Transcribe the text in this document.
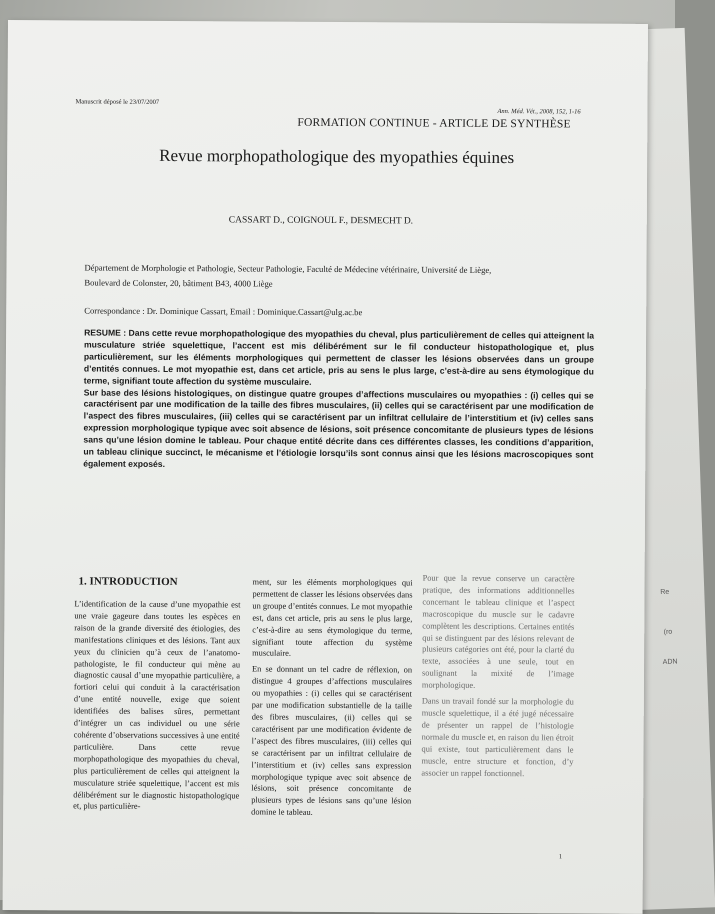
Re
(ro
ADN
Manuscrit déposé le 23/07/2007
Ann. Méd. Vét., 2008, 152, 1-16
FORMATION CONTINUE - ARTICLE DE SYNTHÈSE
Revue morphopathologique des myopathies équines
CASSART D., COIGNOUL F., DESMECHT D.
Département de Morphologie et Pathologie, Secteur Pathologie, Faculté de Médecine vétérinaire, Université de Liège,
Boulevard de Colonster, 20, bâtiment B43, 4000 Liège
Correspondance : Dr. Dominique Cassart, Email : Dominique.Cassart@ulg.ac.be

RESUME : Dans cette revue morphopathologique des myopathies du cheval, plus particulièrement de celles qui atteignent la musculature striée squelettique, l’accent est mis délibérément sur le fil conducteur histopathologique et, plus particulièrement, sur les éléments morphologiques qui permettent de classer les lésions observées dans un groupe d’entités connues. Le mot myopathie est, dans cet article, pris au sens le plus large, c’est-à-dire au sens étymologique du terme, signifiant toute affection du système musculaire.

Sur base des lésions histologiques, on distingue quatre groupes d’affections musculaires ou myopathies : (i) celles qui se caractérisent par une modification de la taille des fibres musculaires, (ii) celles qui se caractérisent par une modification de l’aspect des fibres musculaires, (iii) celles qui se caractérisent par un infiltrat cellulaire de l’interstitium et (iv) celles sans expression morphologique typique avec soit absence de lésions, soit présence concomitante de plusieurs types de lésions sans qu’une lésion domine le tableau. Pour chaque entité décrite dans ces différentes classes, les conditions d’apparition, un tableau clinique succinct, le mécanisme et l’étiologie lorsqu’ils sont connus ainsi que les lésions macroscopiques sont également exposés.

1. INTRODUCTION

L’identification de la cause d’une myopathie est une vraie gageure dans toutes les espèces en raison de la grande diversité des étiologies, des manifestations cliniques et des lésions. Tant aux yeux du clinicien qu’à ceux de l’anatomo-pathologiste, le fil conducteur qui mène au diagnostic causal d’une myopathie particulière, a fortiori celui qui conduit à la caractérisation d’une entité nouvelle, exige que soient identifiées des balises sûres, permettant d’intégrer un cas individuel ou une série cohérente d’observations successives à une entité particulière. Dans cette revue morphopathologique des myopathies du cheval, plus particulièrement de celles qui atteignent la musculature striée squelettique, l’accent est mis délibérément sur le diagnostic histopathologique et, plus particulière-

ment, sur les éléments morphologiques qui permettent de classer les lésions observées dans un groupe d’entités connues. Le mot myopathie est, dans cet article, pris au sens le plus large, c’est-à-dire au sens étymologique du terme, signifiant toute affection du système musculaire.

En se donnant un tel cadre de réflexion, on distingue 4 groupes d’affections musculaires ou myopathies : (i) celles qui se caractérisent par une modification substantielle de la taille des fibres musculaires, (ii) celles qui se caractérisent par une modification évidente de l’aspect des fibres musculaires, (iii) celles qui se caractérisent par un infiltrat cellulaire de l’interstitium et (iv) celles sans expression morphologique typique avec soit absence de lésions, soit présence concomitante de plusieurs types de lésions sans qu’une lésion domine le tableau.

Pour que la revue conserve un caractère pratique, des informations additionnelles concernant le tableau clinique et l’aspect macroscopique du muscle sur le cadavre complètent les descriptions. Certaines entités qui se distinguent par des lésions relevant de plusieurs catégories ont été, pour la clarté du texte, associées à une seule, tout en soulignant la mixité de l’image morphologique.

Dans un travail fondé sur la morphologie du muscle squelettique, il a été jugé nécessaire de présenter un rappel de l’histologie normale du muscle et, en raison du lien étroit qui existe, tout particulièrement dans le muscle, entre structure et fonction, d’y associer un rappel fonctionnel.

1
